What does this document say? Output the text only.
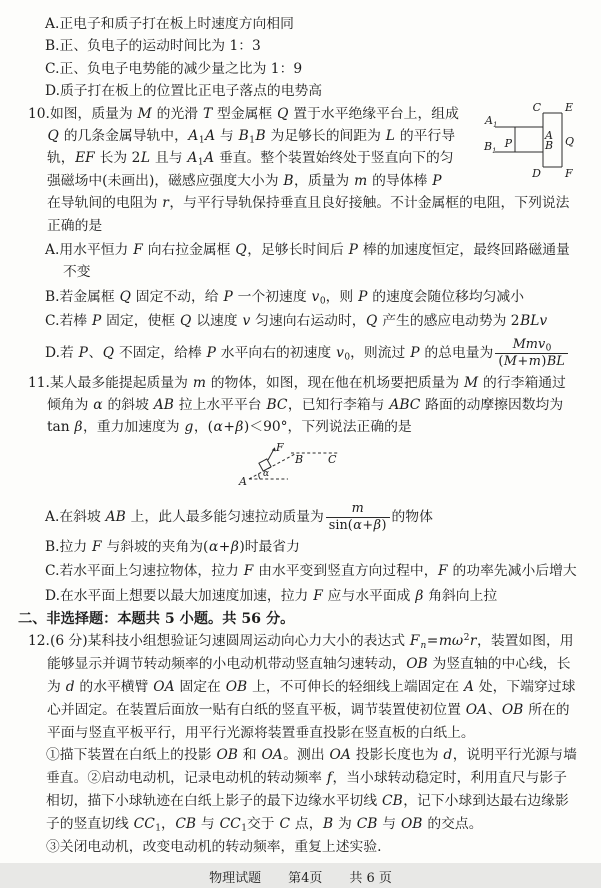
A.正电子和质子打在板上时速度方向相同
B.正、负电子的运动时间比为 1：3
C.正、负电子电势能的减少量之比为 1：9
D.质子打在板上的位置比正电子落点的电势高
A 1
B 1
P
C E
A Q
B
D F
10.如图，质量为 M 的光滑 T 型金属框 Q 置于水平绝缘平台上，组成 Q 的几条金属导轨中，$A_1A$ 与 $B_1B$ 为足够长的间距为 L 的平行导轨，EF 长为 2L 且与 $A_1A$ 垂直。整个装置始终处于竖直向下的匀强磁场中(未画出)，磁感应强度大小为 B，质量为 m 的导体棒 P 在导轨间的电阻为 r，与平行导轨保持垂直且良好接触。不计金属框的电阻，下列说法正确的是
A.用水平恒力 F 向右拉金属框 Q，足够长时间后 P 棒的加速度恒定，最终回路磁通量不变
B.若金属框 Q 固定不动，给 P 一个初速度 $v_0$，则 P 的速度会随位移均匀减小
C.若棒 P 固定，使框 Q 以速度 v 匀速向右运动时，Q 产生的感应电动势为 2BLv
D.若 P、Q 不固定，给棒 P 水平向右的初速度 $v_0$，则流过 P 的总电量为 $\frac{Mmv_0}{(M+m)BL}$
11.某人最多能提起质量为 m 的物体，如图，现在他在机场要把质量为 M 的行李箱通过倾角为 α 的斜坡 AB 拉上水平平台 BC，已知行李箱与 ABC 路面的动摩擦因数均为 tan β，重力加速度为 g，(α+β)＜90°，下列说法正确的是
F
A
B C
α
A.在斜坡 AB 上，此人最多能匀速拉动质量为 $\frac{m}{\sin(\alpha+\beta)}$ 的物体
B.拉力 F 与斜坡的夹角为(α+β)时最省力
C.若水平面上匀速拉物体，拉力 F 由水平变到竖直方向过程中，F 的功率先减小后增大
D.在水平面上想要以最大加速度加速，拉力 F 应与水平面成 β 角斜向上拉
二、非选择题：本题共 5 小题。共 56 分。
12.(6 分)某科技小组想验证匀速圆周运动向心力大小的表达式 $F_n=m\omega^2r$，装置如图，用能够显示并调节转动频率的小电动机带动竖直轴匀速转动，OB 为竖直轴的中心线，长为 d 的水平横臂 OA 固定在 OB 上，不可伸长的轻细线上端固定在 A 处，下端穿过球心并固定。在装置后面放一贴有白纸的竖直平板，调节装置使初位置 OA、OB 所在的平面与竖直平板平行，用平行光源将装置垂直投影在竖直板的白纸上。
①描下装置在白纸上的投影 OB 和 OA。测出 OA 投影长度也为 d，说明平行光源与墙垂直。②启动电动机，记录电动机的转动频率 f，当小球转动稳定时，利用直尺与影子相切，描下小球轨迹在白纸上影子的最下边缘水平切线 CB，记下小球到达最右边缘影子的竖直切线 $CC_1$，CB 与 $CC_1$交于 C 点，B 为 CB 与 OB 的交点。
③关闭电动机，改变电动机的转动频率，重复上述实验.
物理试题 第4页 共 6 页
